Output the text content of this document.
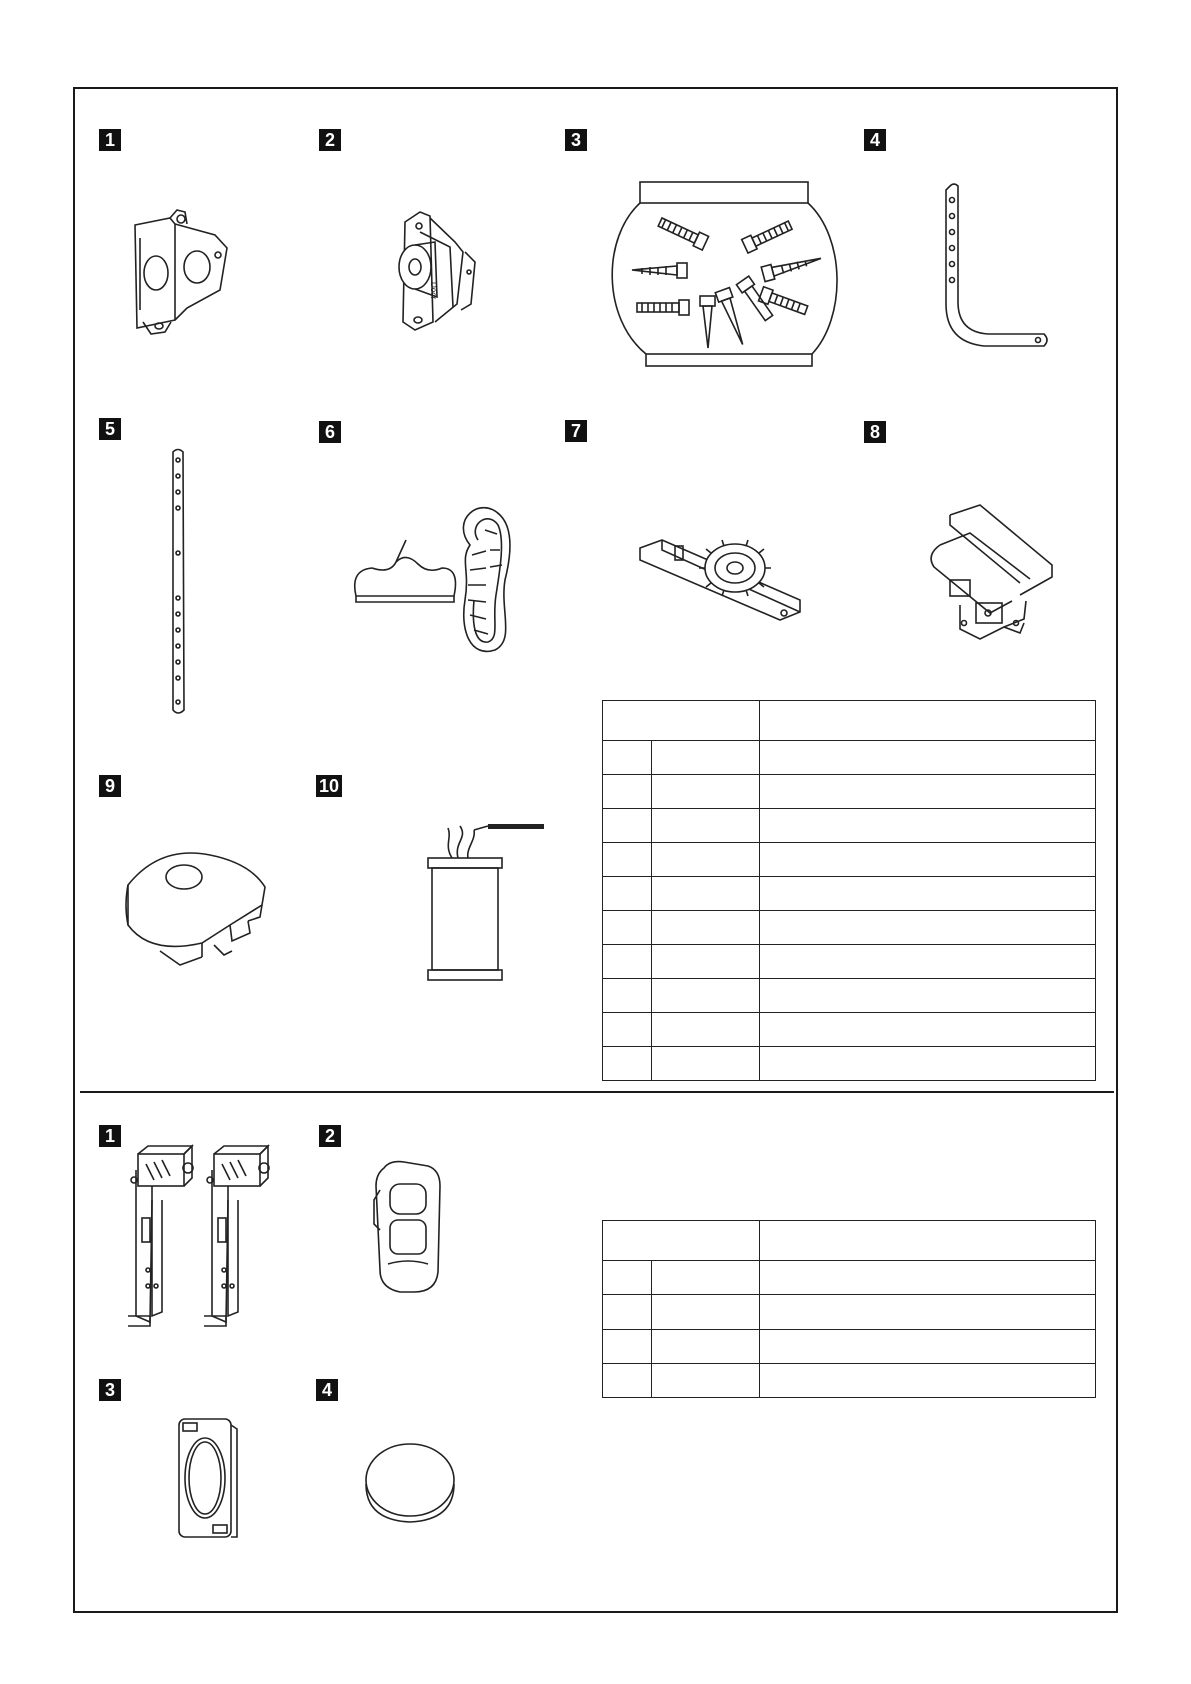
1	2	3	4
5	6	7	8
9	10
Door

1	2
3	4
